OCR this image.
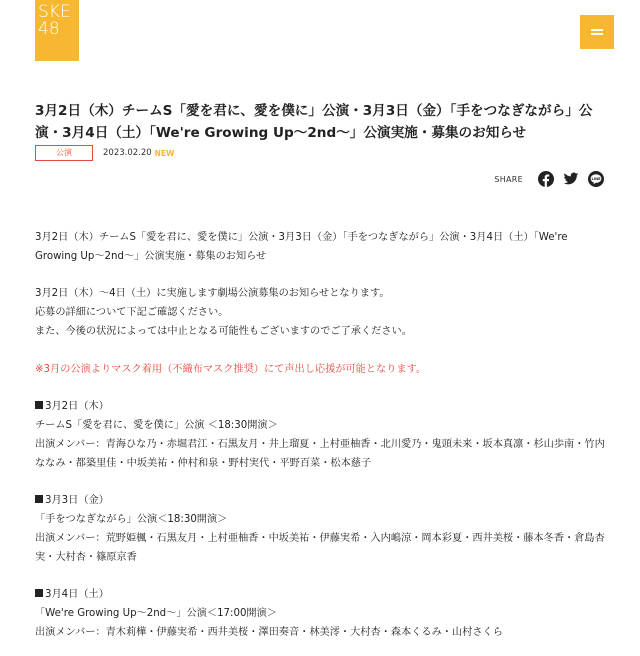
SKE
48
3月2日（木）チームS「愛を君に、愛を僕に」公演・3月3日（金）「手をつなぎながら」公演・3月4日（土）「We're Growing Up～2nd～」公演実施・募集のお知らせ
公演	2023.02.20 NEW
SHARE	LINE

3月2日（木）チームS「愛を君に、愛を僕に」公演・3月3日（金）「手をつなぎながら」公演・3月4日（土）「We're Growing Up～2nd～」公演実施・募集のお知らせ

3月2日（木）～4日（土）に実施します劇場公演募集のお知らせとなります。

応募の詳細について下記ご確認ください。

また、今後の状況によっては中止となる可能性もございますのでご了承ください。

※3月の公演よりマスク着用（不織布マスク推奨）にて声出し応援が可能となります。

3月2日（木）

チームS「愛を君に、愛を僕に」公演 ＜18:30開演＞

出演メンバー：青海ひな乃・赤堀君江・石黒友月・井上瑠夏・上村亜柚香・北川愛乃・鬼頭未来・坂本真凛・杉山歩南・竹内ななみ・都築里佳・中坂美祐・仲村和泉・野村実代・平野百菜・松本慈子

3月3日（金）

「手をつなぎながら」公演＜18:30開演＞

出演メンバー：荒野姫楓・石黒友月・上村亜柚香・中坂美祐・伊藤実希・入内嶋涼・岡本彩夏・西井美桜・藤本冬香・倉島杏実・大村杏・篠原京香

3月4日（土）

「We're Growing Up～2nd～」公演＜17:00開演＞

出演メンバー：青木莉樺・伊藤実希・西井美桜・澤田奏音・林美澪・大村杏・森本くるみ・山村さくら
